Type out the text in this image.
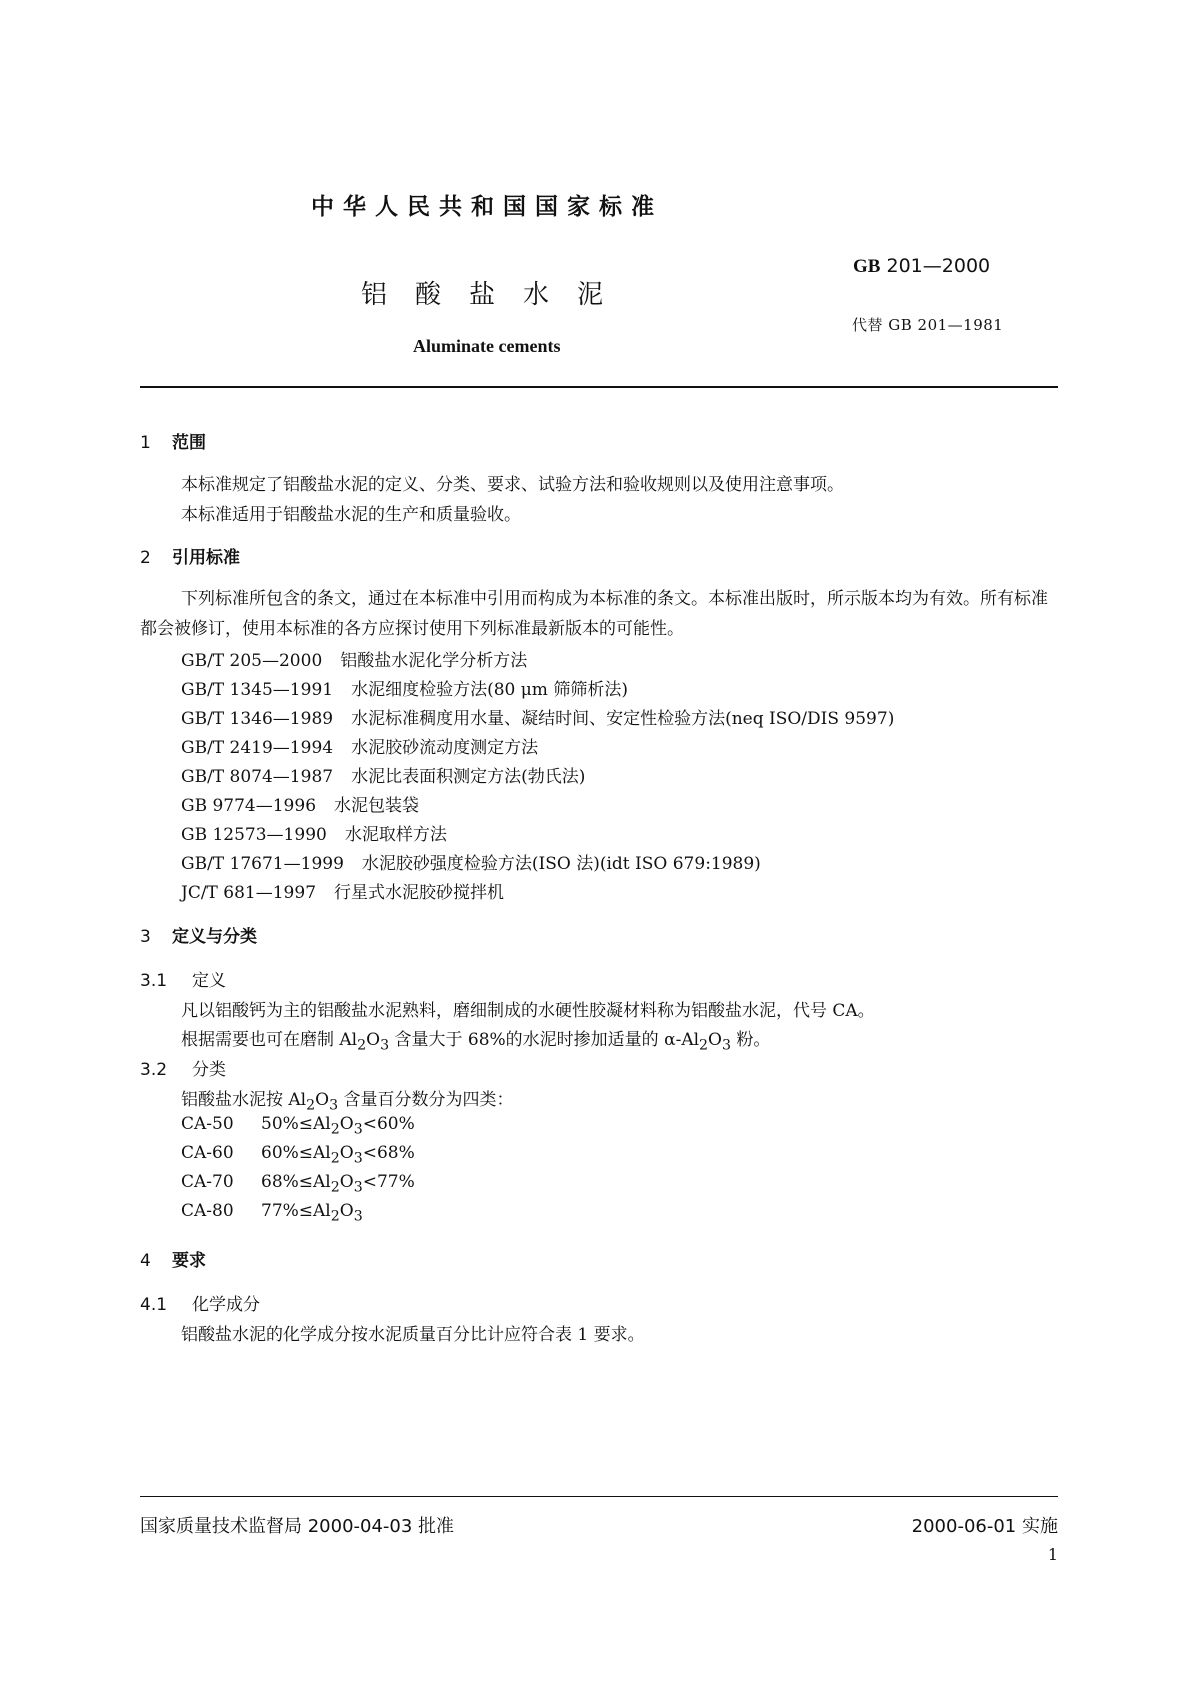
中华人民共和国国家标准
GB 201—2000
铝酸盐水泥
代替 GB 201—1981
Aluminate cements
1 范围
本标准规定了铝酸盐水泥的定义、分类、要求、试验方法和验收规则以及使用注意事项。
本标准适用于铝酸盐水泥的生产和质量验收。
2 引用标准
下列标准所包含的条文，通过在本标准中引用而构成为本标准的条文。本标准出版时，所示版本均为有效。所有标准都会被修订，使用本标准的各方应探讨使用下列标准最新版本的可能性。
GB/T 205—2000 铝酸盐水泥化学分析方法
GB/T 1345—1991 水泥细度检验方法(80 μm 筛筛析法)
GB/T 1346—1989 水泥标准稠度用水量、凝结时间、安定性检验方法(neq ISO/DIS 9597)
GB/T 2419—1994 水泥胶砂流动度测定方法
GB/T 8074—1987 水泥比表面积测定方法(勃氏法)
GB 9774—1996 水泥包装袋
GB 12573—1990 水泥取样方法
GB/T 17671—1999 水泥胶砂强度检验方法(ISO 法)(idt ISO 679:1989)
JC/T 681—1997 行星式水泥胶砂搅拌机
3 定义与分类
3.1 定义
凡以铝酸钙为主的铝酸盐水泥熟料，磨细制成的水硬性胶凝材料称为铝酸盐水泥，代号 CA。
根据需要也可在磨制 $Al_2O_3$ 含量大于 68%的水泥时掺加适量的 $\alpha-Al_2O_3$ 粉。
3.2 分类
铝酸盐水泥按 $Al_2O_3$ 含量百分数分为四类：
CA-50 $50\%\le Al_2O_3<60\%$
CA-60 $60\%\le Al_2O_3<68\%$
CA-70 $68\%\le Al_2O_3<77\%$
CA-80 $77\%\le Al_2O_3$
4 要求
4.1 化学成分
铝酸盐水泥的化学成分按水泥质量百分比计应符合表 1 要求。
国家质量技术监督局 2000-04-03 批准	2000-06-01 实施
1
